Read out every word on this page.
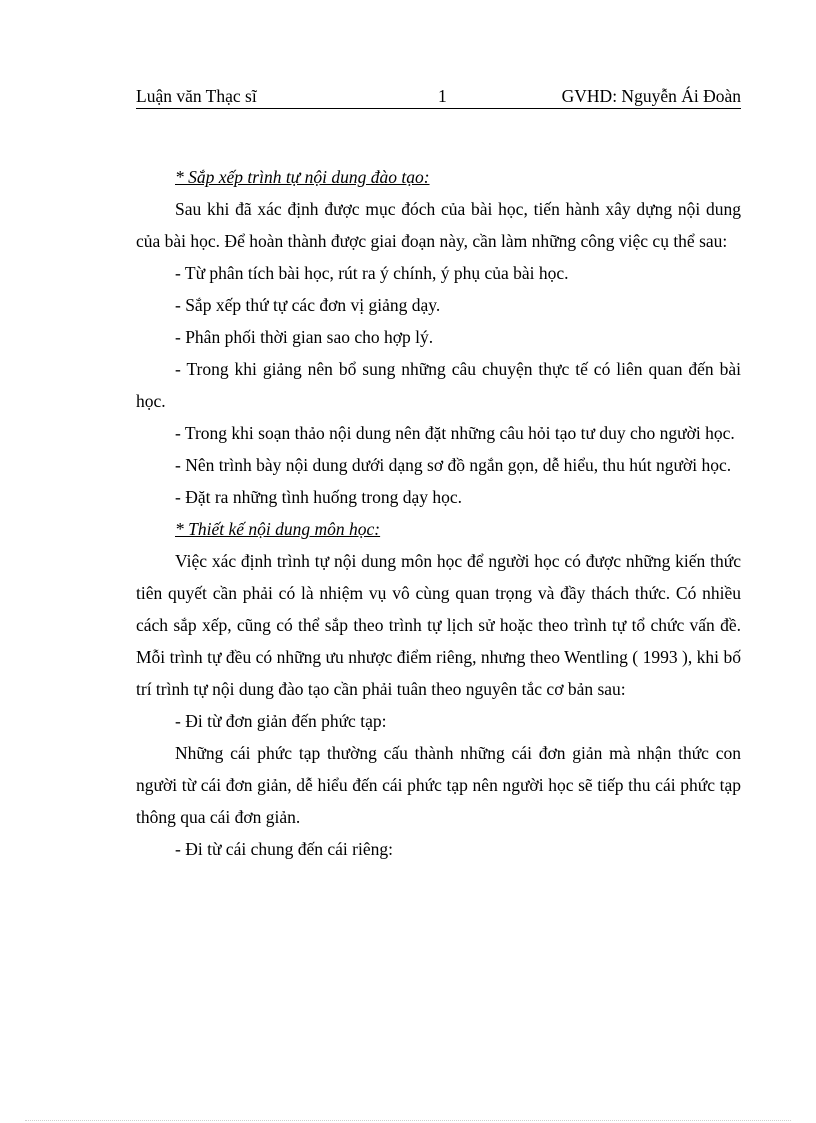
Luận văn Thạc sĩ	1	GVHD: Nguyễn Ái Đoàn

* Sắp xếp trình tự nội dung đào tạo:

Sau khi đã xác định được mục đóch của bài học, tiến hành xây dựng nội dung của bài học. Để hoàn thành được giai đoạn này, cần làm những công việc cụ thể sau:

- Từ phân tích bài học, rút ra ý chính, ý phụ của bài học.

- Sắp xếp thứ tự các đơn vị giảng dạy.

- Phân phối thời gian sao cho hợp lý.

- Trong khi giảng nên bổ sung những câu chuyện thực tế có liên quan đến bài học.

- Trong khi soạn thảo nội dung nên đặt những câu hỏi tạo tư duy cho người học.

- Nên trình bày nội dung dưới dạng sơ đồ ngắn gọn, dễ hiểu, thu hút người học.

- Đặt ra những tình huống trong dạy học.

* Thiết kế nội dung môn học:

Việc xác định trình tự nội dung môn học để người học có được những kiến thức tiên quyết cần phải có là nhiệm vụ vô cùng quan trọng và đầy thách thức. Có nhiều cách sắp xếp, cũng có thể sắp theo trình tự lịch sử hoặc theo trình tự tổ chức vấn đề. Mỗi trình tự đều có những ưu nhược điểm riêng, nhưng theo Wentling ( 1993 ), khi bố trí trình tự nội dung đào tạo cần phải tuân theo nguyên tắc cơ bản sau:

- Đi từ đơn giản đến phức tạp:

Những cái phức tạp thường cấu thành những cái đơn giản mà nhận thức con người từ cái đơn giản, dễ hiểu đến cái phức tạp nên người học sẽ tiếp thu cái phức tạp thông qua cái đơn giản.

- Đi từ cái chung đến cái riêng:
